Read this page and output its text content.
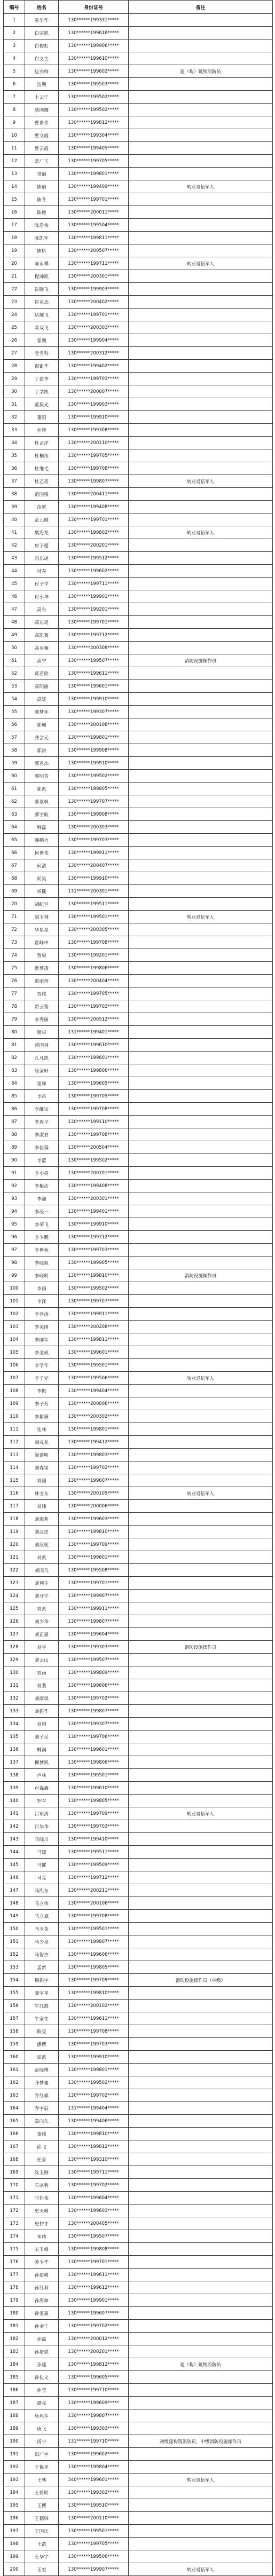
编号	姓名	身份证号	备注
1	袁华华	130******199331*****	
2	白宗凯	130******199616*****	
3	白俊虹	130******199906*****	
4	白义生	130******199610*****	
5	边亦帅	130******199602*****	建（构）筑物消防员
6	边鹏	130******199503*****	
7	卜云宁	130******199502*****	
8	蔡国耀	130******199502*****	
9	曹世伟	130******199812*****	
10	曹文霞	130******199304*****	
11	曹云霞	130******199405*****	
12	常广玉	130******199705*****	
13	常丽	130******199801*****	
14	陈丽	130******199409*****	转业退伍军人
15	陈冬	130******199701*****	
16	陈艳	130******200011*****	
17	陈浩伟	130******199504*****	
18	陈凯军	130******199811*****	
19	陈桥	130******200507*****	
20	陈永攀	130******199711*****	转业退伍军人
21	程帅凯	130******200301*****	
22	崔腾飞	130******199903*****	
23	崔亚杰	130******200402*****	
24	达耀飞	130******199701*****	
25	邓双飞	130******200303*****	
26	翟鹏	130******199904*****	
27	党雪科	130******200312*****	
28	翟银华	130******199402*****	
29	丁建华	130******199703*****	
30	丁学凯	130******200007*****	
31	董晨光	130******199903*****	
32	董阳	130******199910*****	
33	杜辉	130******199308*****	
34	杜孟洋	130******200110*****	
35	杜桐茂	130******199705*****	
36	杜维毛	130******199708*****	
37	杜乙亮	130******199807*****	转业退伍军人
38	范国强	130******200411*****	
39	范新	130******199408*****	
40	范元刚	130******199701*****	
41	樊海龙	130******199802*****	转业退伍军人
42	房子超	130******200201*****	
43	冯东虎	130******199512*****	
44	付春	130******199602*****	
45	付子学	130******199711*****	
46	付小华	130******199901*****	
47	高东	130******199201*****	
48	高东亮	130******199701*****	
49	高凯赛	130******199712*****	
50	高亚楠	130******200308*****	
51	高宁	130******199507*****	消防设施操作员
52	葛若欣	130******199611*****	
53	高明丽	130******199601*****	
54	高建	130******199910*****	
55	郭梦环	130******199307*****	
56	郭珊	130******200108*****	
57	龚会元	130******199801*****	
58	郭涛	130******199908*****	
59	郭亚杰	130******199910*****	
60	郭明芳	130******199502*****	
61	郭凯	130******199805*****	
62	郭景枫	130******199707*****	
63	郭宇航	130******199908*****	
64	韩磊	130******200303*****	
65	韩鹏力	130******199703*****	
66	何世伟	130******199911*****	
67	何清	130******200407*****	
68	何昊	130******199910*****	
69	侯健	131******200301*****	
70	胡纪兰	130******199511*****	
71	胡玉林	130******199501*****	转业退伍军人
72	华星星	130******200305*****	
73	霍峰申	130******199708*****	
74	贾梁	130******199201*****	
75	贾梦凌	130******199806*****	
76	贾丽珍	130******200404*****	
77	贾伟	130******199705*****	
78	贾云翔	130******199703*****	
79	李秀丽	130******200512*****	
80	姬卓	131******199401*****	
81	蒋国林	130******199610*****	
82	孔凡凯	130******199601*****	
83	康家轩	130******199806*****	
84	雷帅	130******199605*****	
85	李昂	130******199705*****	
86	李继宗	130******199708*****	
87	李连平	130******199110*****	
88	李淑君	130******199708*****	
89	李佳蓉	130******200504*****	
90	李蓝	130******199502*****	
91	李小亮	130******200101*****	
92	李梅洁	130******199408*****	
93	李鑫	130******200301*****	
94	李凌一	130******199401*****	
95	李荣飞	130******199910*****	
96	李少鹏	130******199712*****	
97	李世秋	130******199703*****	
98	李晓旭	130******199905*****	
99	李晓明	130******199810*****	消防设施操作员
100	李雨	130******199502*****	
101	李泽	130******199707*****	
102	李泽涛	130******199911*****	
103	李英国	130******200208*****	
104	李国军	130******199811*****	
105	李金成	130******199601*****	
106	李学华	130******199501*****	
107	李子元	130******199506*****	转业退伍军人
108	李振	130******199404*****	
109	李子芳	130******200006*****	
110	李紫薇	130******200302*****	
111	连林	130******199801*****	
112	梁成龙	130******199412*****	
113	梁嘉明	130******199803*****	
114	刘春雷	130******199702*****	
115	刘国	130******199607*****	
116	林宝东	130******200105*****	转业退伍军人
117	刘玮	130******200006*****	
118	刘海莉	130******199603*****	
119	刘汉忠	130******199810*****	
120	刘康妮	130******199709*****	
121	刘凯	130******199601*****	
122	刘国凡	130******199508*****	
123	刘利生	130******199701*****	
124	刘开宇	130******199907*****	
125	刘凯	130******199911*****	
126	刘少华	130******199807*****	
127	刘正豪	130******199604*****	
128	刘宇	130******199303*****	消防设施操作员
129	刘云山	130******199507*****	
130	刘雨	130******199809*****	
131	刘燕	130******199606*****	
132	刘雨琪	130******199702*****	
133	刘振华	130******199807*****	
134	刘园	130******199307*****	
135	刘子岳	130******199706*****	
136	柳润	130******199601*****	
137	柳梦凯	130******199806*****	
138	卢林	130******199501*****	
139	卢森鑫	130******199610*****	
140	罗军	130******199805*****	
141	吕东涛	130******199709*****	转业退伍军人
142	吕华华	130******199703*****	
143	马晓川	130******199410*****	
144	马媛	130******199511*****	
145	马健	130******199509*****	
146	马亮	130******199712*****	
147	马凯东	130******200211*****	
148	马立伟	130******200106*****	
149	马立斌	130******199708*****	
150	马少英	130******199501*****	
151	马少泉	130******199807*****	
152	马智杰	130******199606*****	
153	孟新	130******199805*****	
154	穆振宇	130******199709*****	消防设施操作员（中级）
155	聂宇星	130******199810*****	
156	牛红霞	130******200102*****	
157	牛家伟	130******199611*****	
158	欧亮	130******199708*****	
159	潘博	130******199703*****	
160	彭凯	130******199910*****	
161	彭晓博	130******199801*****	
162	齐梦迪	130******199502*****	
163	乔红旗	130******199702*****	
164	乔宇辰	131******199404*****	
165	秦向东	130******199406*****	
166	秦伟	130******199810*****	
167	邱飞	130******199812*****	
168	任家	130******199310*****	
169	沈玉刚	130******199711*****	
170	石宗利	130******199702*****	
171	时佳伟	130******199604*****	
172	史天峰	130******199603*****	
173	史仲才	130******200405*****	
174	宋伟	130******199507*****	
175	宋卫峰	130******199808*****	
176	苏少华	130******199701*****	
177	孙建峰	130******199611*****	
178	孙红利	130******199612*****	
179	孙海坤	130******199901*****	
180	孙家豪	130******199607*****	
181	孙金宁	130******199702*****	
182	孙磊	130******200012*****	
183	孙培斌	130******200201*****	
184	孙建	130******199812*****	建（构）筑物消防员
185	孙佳文	130******199605*****	
186	孙莹	130******199710*****	
187	谭亮	130******199609*****	
188	唐风军	130******199807*****	
189	唐飞	130******199303*****	
190	汤宁	131******199710*****	初级建构筑消防员，中级消防设施操作员
191	田广宇	130******199602*****	
192	王保星	130******199804*****	
193	王林	340******199601*****	转业退伍军人
194	王碧明	130******199302*****	
195	王博	130******199510*****	
196	王德帅	130******200110*****	
197	王国庆	130******199501*****	
198	王浩	130******199705*****	
199	王华宇	130******199506*****	
200	王宏	130******199907*****	转业退伍军人
